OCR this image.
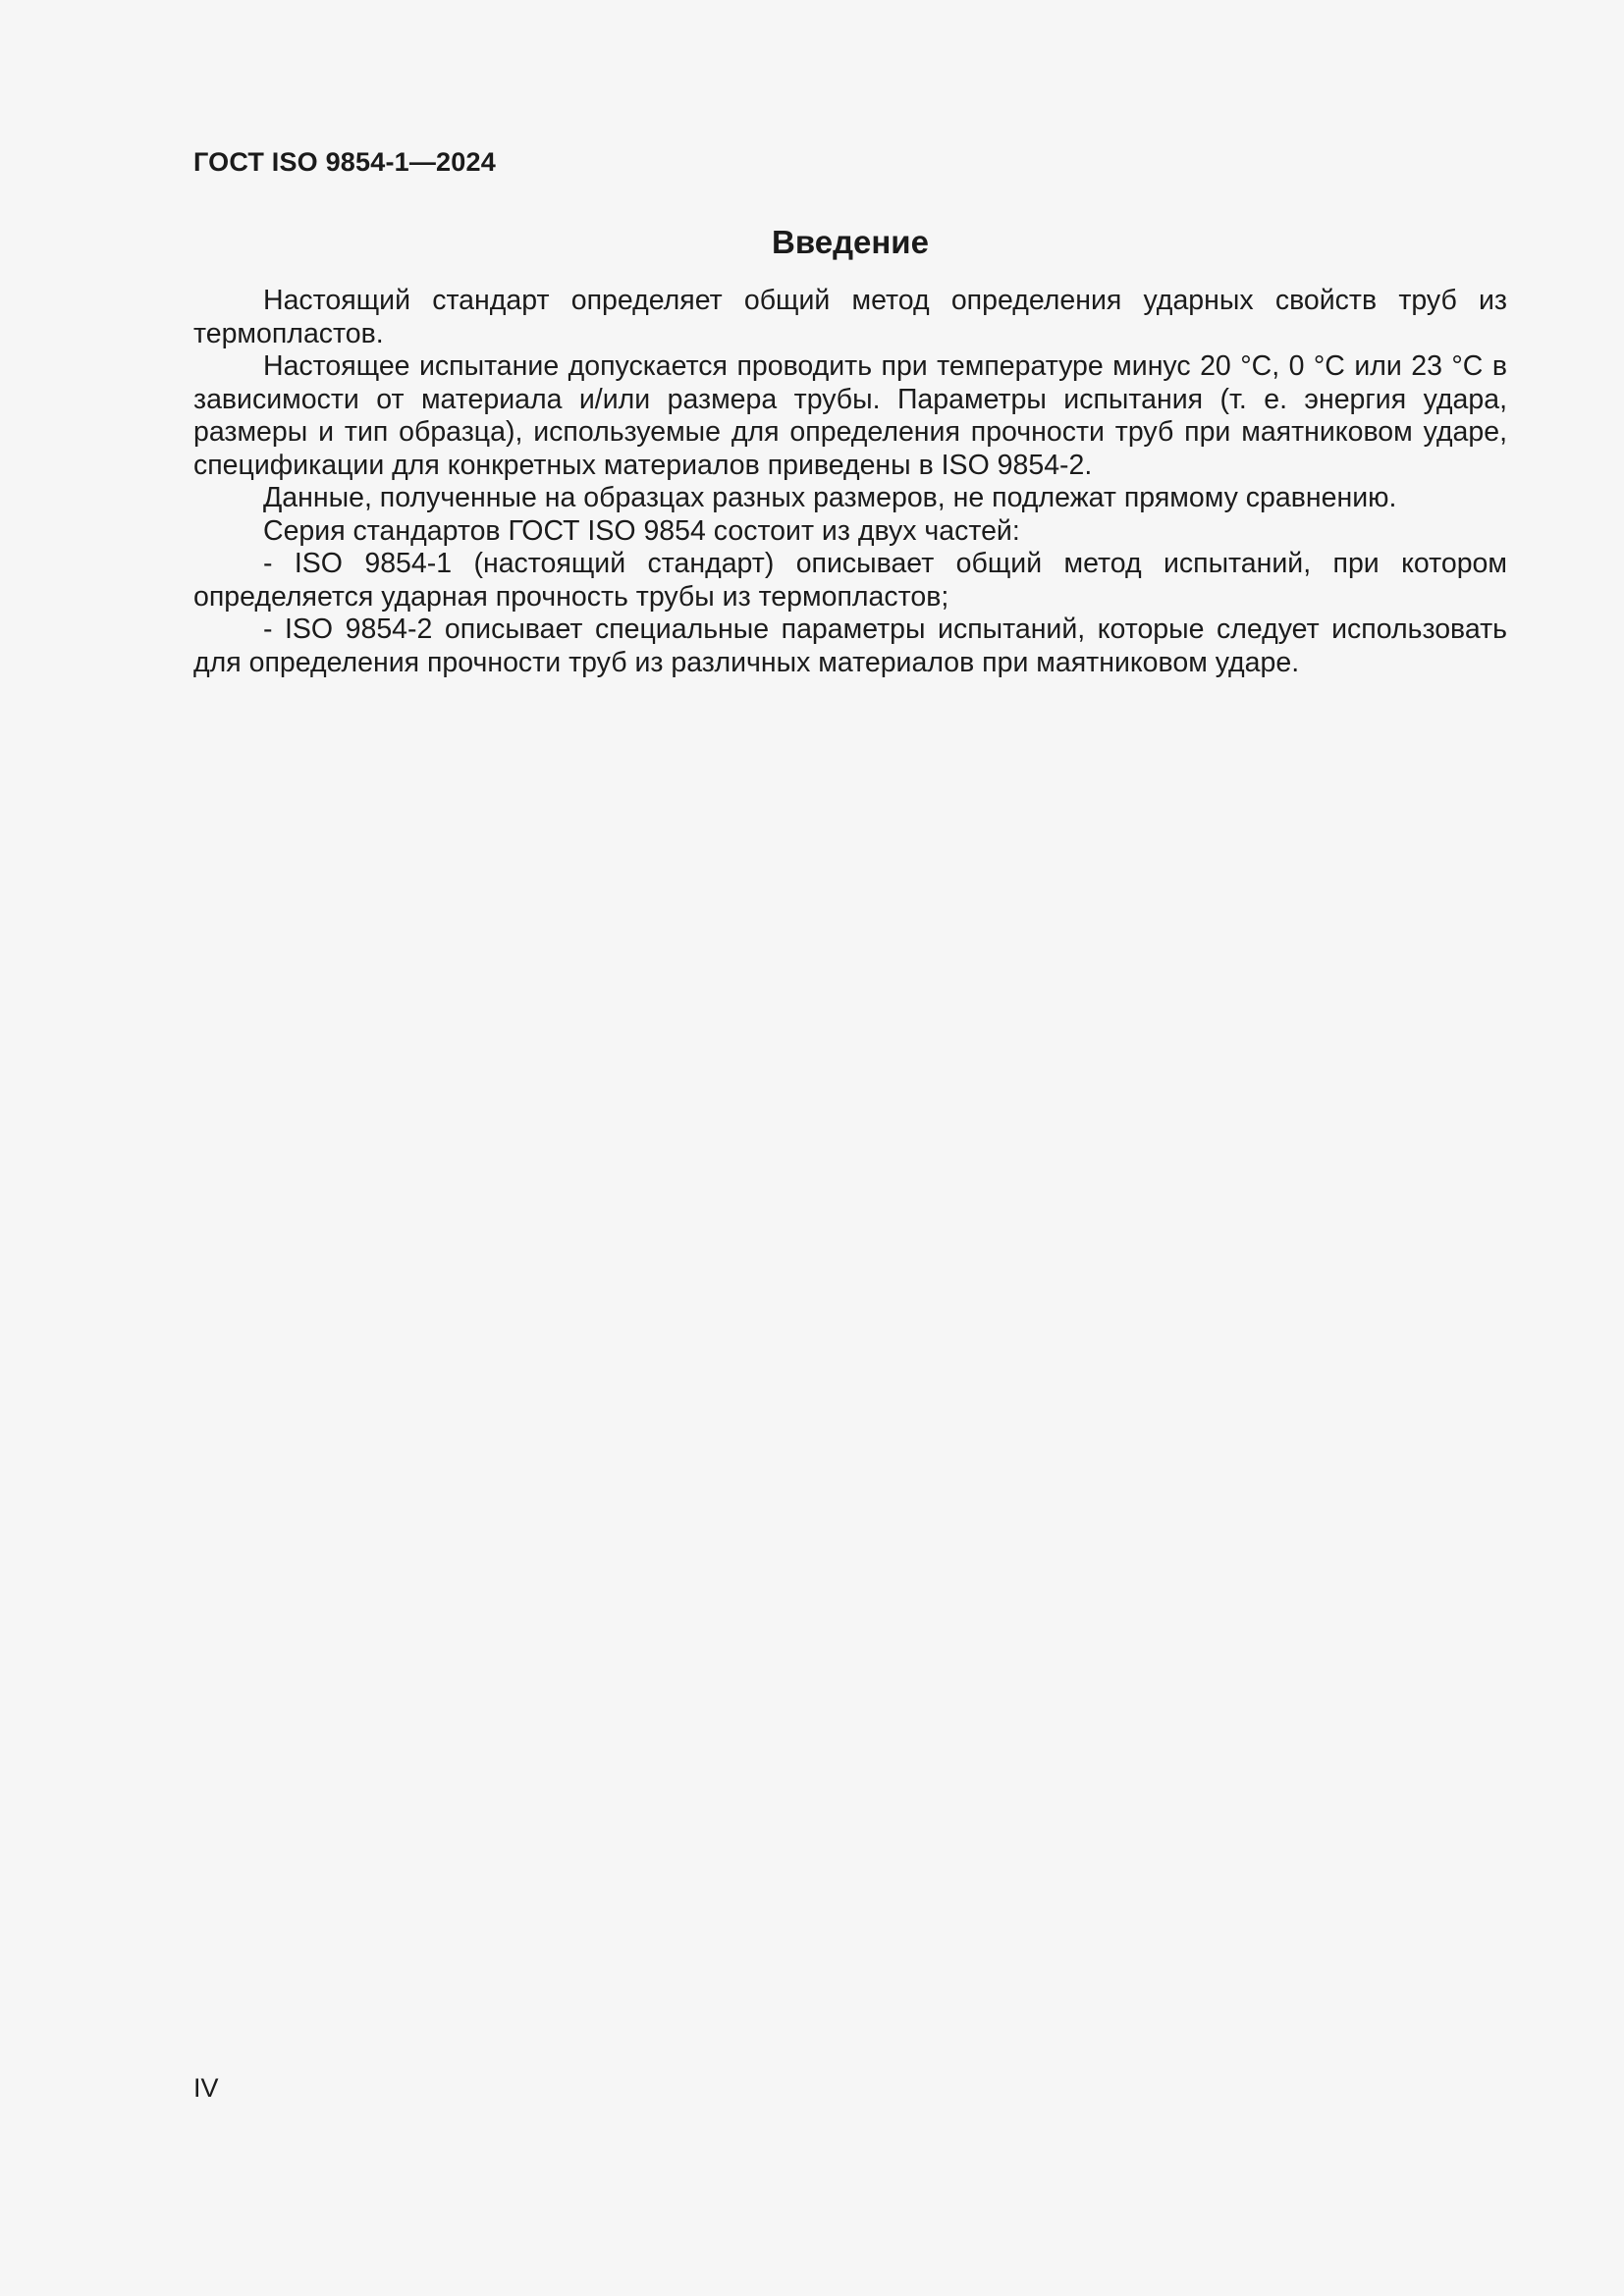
ГОСТ ISO 9854-1—2024
Введение

Настоящий стандарт определяет общий метод определения ударных свойств труб из термопластов.

Настоящее испытание допускается проводить при температуре минус 20 °С, 0 °С или 23 °С в зависимости от материала и/или размера трубы. Параметры испытания (т. е. энергия удара, размеры и тип образца), используемые для определения прочности труб при маятниковом ударе, спецификации для конкретных материалов приведены в ISO 9854-2.

Данные, полученные на образцах разных размеров, не подлежат прямому сравнению.

Серия стандартов ГОСТ ISO 9854 состоит из двух частей:

- ISO 9854-1 (настоящий стандарт) описывает общий метод испытаний, при котором определяется ударная прочность трубы из термопластов;

- ISO 9854-2 описывает специальные параметры испытаний, которые следует использовать для определения прочности труб из различных материалов при маятниковом ударе.

IV
